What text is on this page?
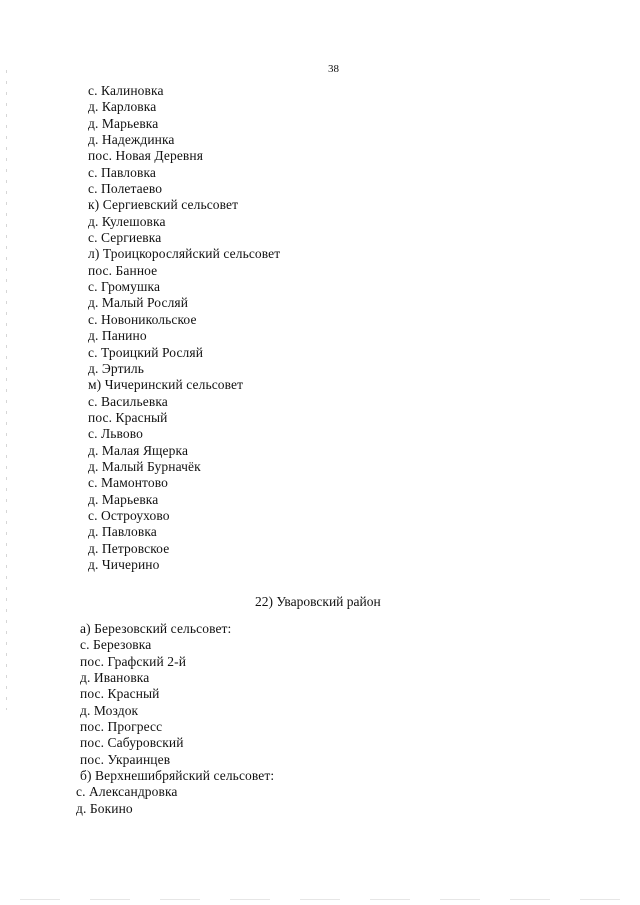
38
с. Калиновка
д. Карловка
д. Марьевка
д. Надеждинка
пос. Новая Деревня
с. Павловка
с. Полетаево
к) Сергиевский сельсовет
д. Кулешовка
с. Сергиевка
л) Троицкоросляйский сельсовет
пос. Банное
с. Громушка
д. Малый Росляй
с. Новоникольское
д. Панино
с. Троицкий Росляй
д. Эртиль
м) Чичеринский сельсовет
с. Васильевка
пос. Красный
с. Львово
д. Малая Ящерка
д. Малый Бурначёк
с. Мамонтово
д. Марьевка
с. Остроухово
д. Павловка
д. Петровское
д. Чичерино
22) Уваровский район
а) Березовский сельсовет:
с. Березовка
пос. Графский 2-й
д. Ивановка
пос. Красный
д. Моздок
пос. Прогресс
пос. Сабуровский
пос. Украинцев
б) Верхнешибряйский сельсовет:
с. Александровка
д. Бокино
